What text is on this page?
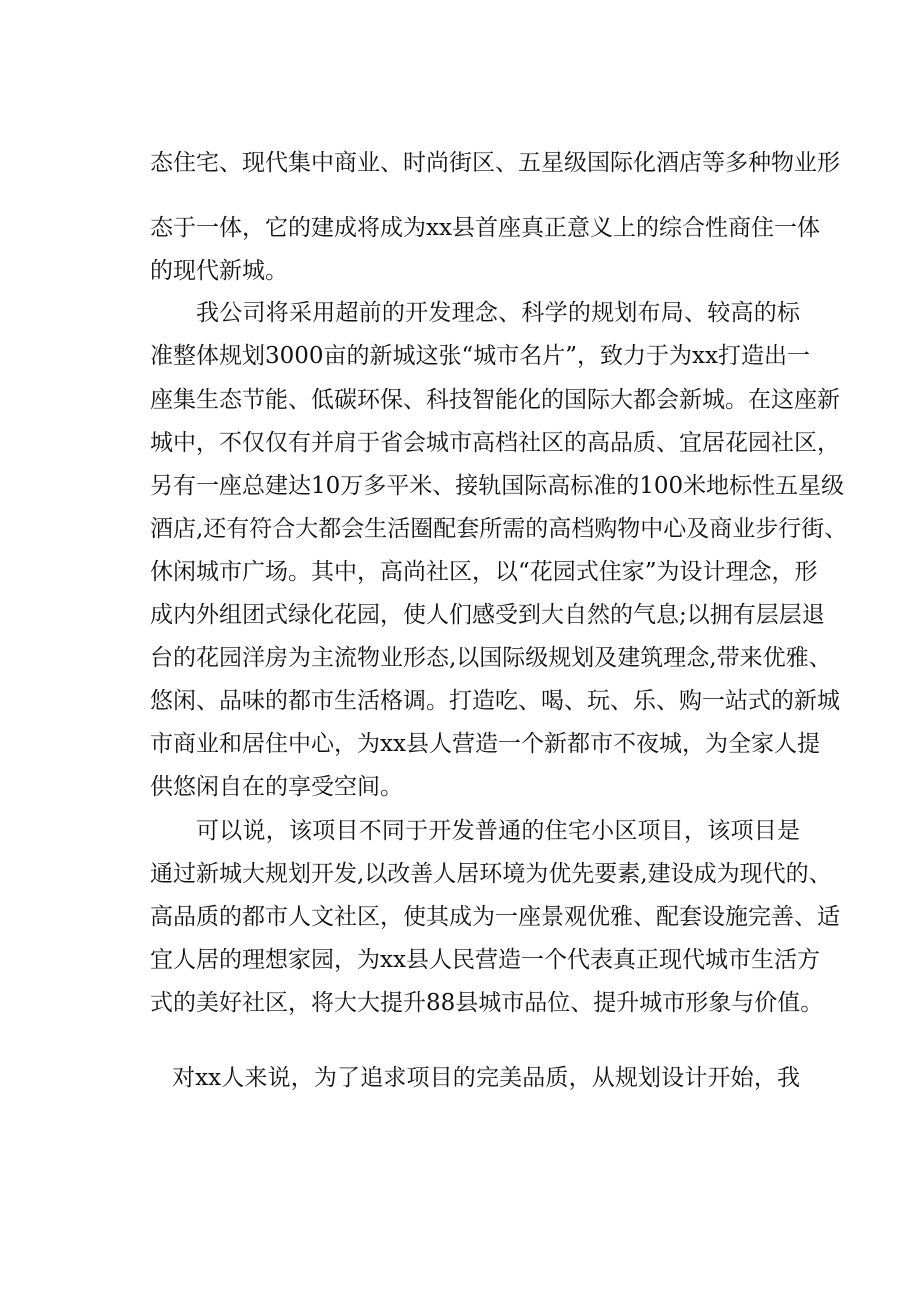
态住宅、现代集中商业、时尚街区、五星级国际化酒店等多种物业形
态于一体，它的建成将成为xx县首座真正意义上的综合性商住一体
的现代新城。
我公司将采用超前的开发理念、科学的规划布局、较高的标
准整体规划3000亩的新城这张“城市名片”，致力于为xx打造出一
座集生态节能、低碳环保、科技智能化的国际大都会新城。在这座新
城中，不仅仅有并肩于省会城市高档社区的高品质、宜居花园社区，
另有一座总建达10万多平米、接轨国际高标准的100米地标性五星级
酒店,还有符合大都会生活圈配套所需的高档购物中心及商业步行街、
休闲城市广场。其中，高尚社区，以“花园式住家”为设计理念，形
成内外组团式绿化花园，使人们感受到大自然的气息;以拥有层层退
台的花园洋房为主流物业形态,以国际级规划及建筑理念,带来优雅、
悠闲、品味的都市生活格调。打造吃、喝、玩、乐、购一站式的新城
市商业和居住中心，为xx县人营造一个新都市不夜城，为全家人提
供悠闲自在的享受空间。
可以说，该项目不同于开发普通的住宅小区项目，该项目是
通过新城大规划开发,以改善人居环境为优先要素,建设成为现代的、
高品质的都市人文社区，使其成为一座景观优雅、配套设施完善、适
宜人居的理想家园，为xx县人民营造一个代表真正现代城市生活方
式的美好社区，将大大提升88县城市品位、提升城市形象与价值。
对xx人来说，为了追求项目的完美品质，从规划设计开始，我
